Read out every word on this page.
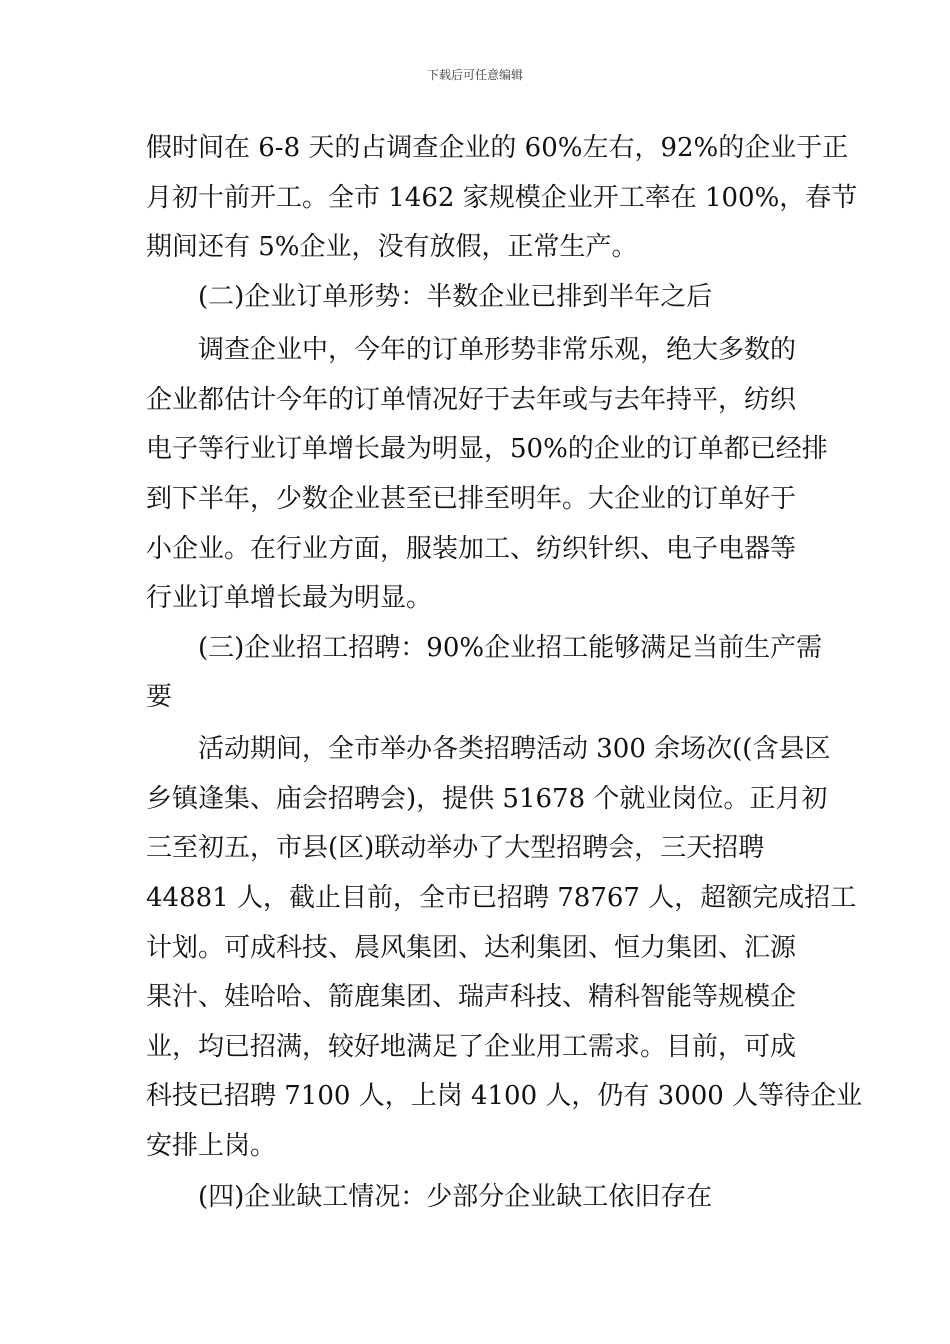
下载后可任意编辑
假时间在 6-8 天的占调查企业的 60%左右，92%的企业于正
月初十前开工。全市 1462 家规模企业开工率在 100%，春节
期间还有 5%企业，没有放假，正常生产。
　　(二)企业订单形势：半数企业已排到半年之后
　　调查企业中，今年的订单形势非常乐观，绝大多数的
企业都估计今年的订单情况好于去年或与去年持平，纺织
电子等行业订单增长最为明显，50%的企业的订单都已经排
到下半年，少数企业甚至已排至明年。大企业的订单好于
小企业。在行业方面，服装加工、纺织针织、电子电器等
行业订单增长最为明显。
　　(三)企业招工招聘：90%企业招工能够满足当前生产需
要
　　活动期间，全市举办各类招聘活动 300 余场次((含县区
乡镇逢集、庙会招聘会)，提供 51678 个就业岗位。正月初
三至初五，市县(区)联动举办了大型招聘会，三天招聘
44881 人，截止目前，全市已招聘 78767 人，超额完成招工
计划。可成科技、晨风集团、达利集团、恒力集团、汇源
果汁、娃哈哈、箭鹿集团、瑞声科技、精科智能等规模企
业，均已招满，较好地满足了企业用工需求。目前，可成
科技已招聘 7100 人，上岗 4100 人，仍有 3000 人等待企业
安排上岗。
　　(四)企业缺工情况：少部分企业缺工依旧存在
